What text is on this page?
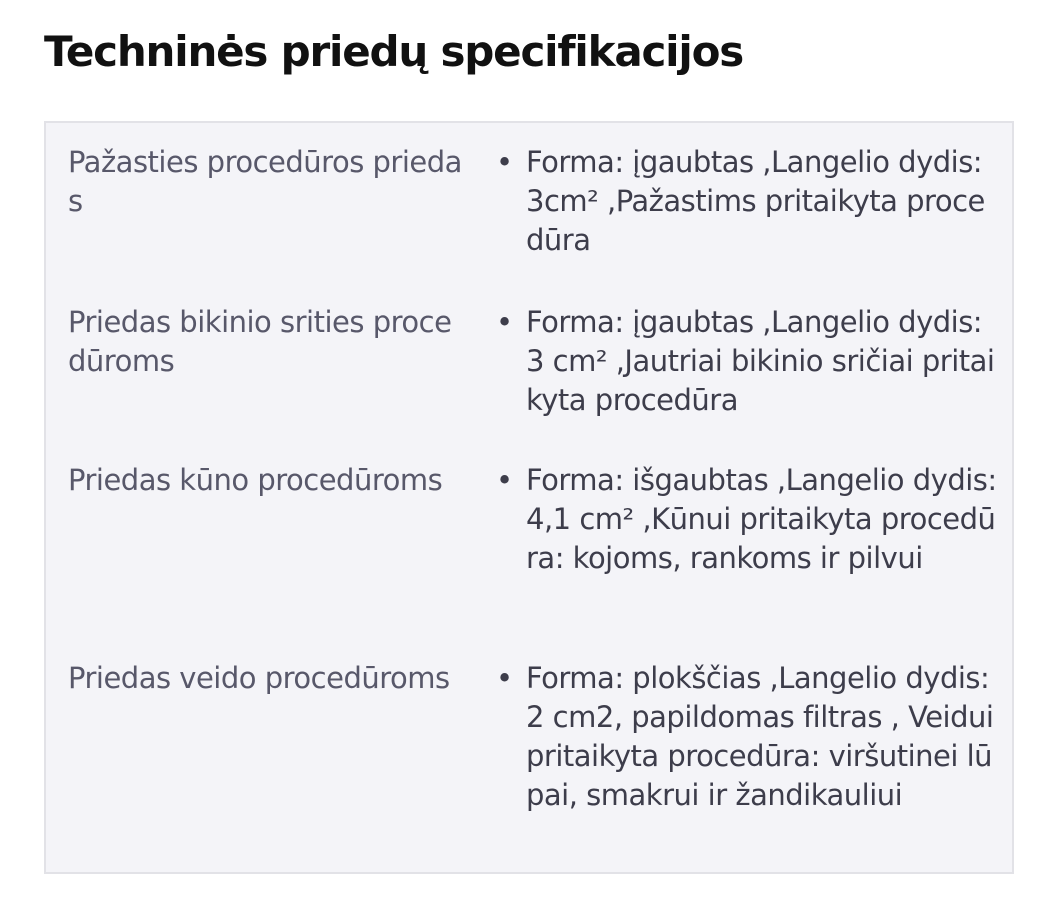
Techninės priedų specifikacijos
Pažasties procedūros priedas
• Forma: įgaubtas ,Langelio dydis: 3cm² ,Pažastims pritaikyta procedūra
Priedas bikinio srities procedūroms
• Forma: įgaubtas ,Langelio dydis: 3 cm² ,Jautriai bikinio sričiai pritaikyta procedūra
Priedas kūno procedūroms	• Forma: išgaubtas ,Langelio dydis: 4,1 cm² ,Kūnui pritaikyta procedūra: kojoms, rankoms ir pilvui
Priedas veido procedūroms	• Forma: plokščias ,Langelio dydis: 2 cm2, papildomas filtras , Veidui pritaikyta procedūra: viršutinei lūpai, smakrui ir žandikauliui
